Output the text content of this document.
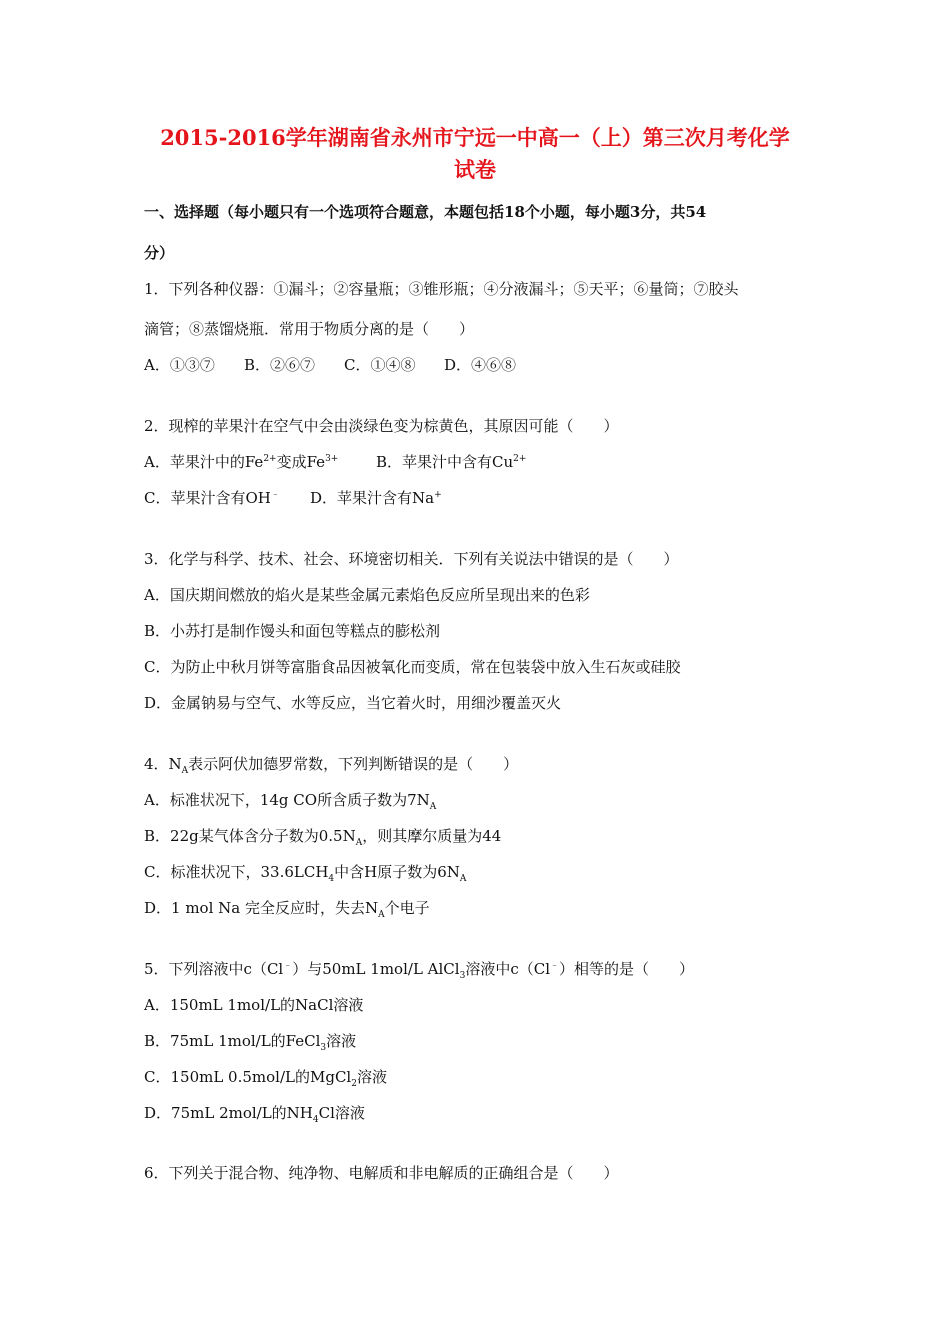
2015-2016学年湖南省永州市宁远一中高一（上）第三次月考化学
试卷
一、选择题（每小题只有一个选项符合题意，本题包括18个小题，每小题3分，共54
分）
1．下列各种仪器：①漏斗；②容量瓶；③锥形瓶；④分液漏斗；⑤天平；⑥量筒；⑦胶头
滴管；⑧蒸馏烧瓶．常用于物质分离的是（　　）
A．①③⑦ B．②⑥⑦ C．①④⑧ D．④⑥⑧
2．现榨的苹果汁在空气中会由淡绿色变为棕黄色，其原因可能（　　）
A．苹果汁中的$Fe^{2+}$变成$Fe^{3+}$	B．苹果汁中含有$Cu^{2+}$
C．苹果汁含有OH﹣ D．苹果汁含有Na+
3．化学与科学、技术、社会、环境密切相关．下列有关说法中错误的是（　　）
A．国庆期间燃放的焰火是某些金属元素焰色反应所呈现出来的色彩
B．小苏打是制作馒头和面包等糕点的膨松剂
C．为防止中秋月饼等富脂食品因被氧化而变质，常在包装袋中放入生石灰或硅胶
D．金属钠易与空气、水等反应，当它着火时，用细沙覆盖灭火
4．$N_A$表示阿伏加德罗常数，下列判断错误的是（　　）
A．标准状况下，14g CO所含质子数为$7N_A$
B．22g某气体含分子数为$0.5N_A$，则其摩尔质量为44
C．标准状况下，$33.6LCH_4$中含H原子数为$6N_A$
D．1 mol Na 完全反应时，失去$N_A$个电子
5．下列溶液中c（Cl﹣）与50mL 1mol/L AlCl$_3$溶液中c（Cl﹣）相等的是（　　）
A．150mL 1mol/L的NaCl溶液
B．75mL 1mol/L的FeCl$_3$溶液
C．150mL 0.5mol/L的MgCl$_2$溶液
D．75mL 2mol/L的$NH_4Cl$溶液
6．下列关于混合物、纯净物、电解质和非电解质的正确组合是（　　）
